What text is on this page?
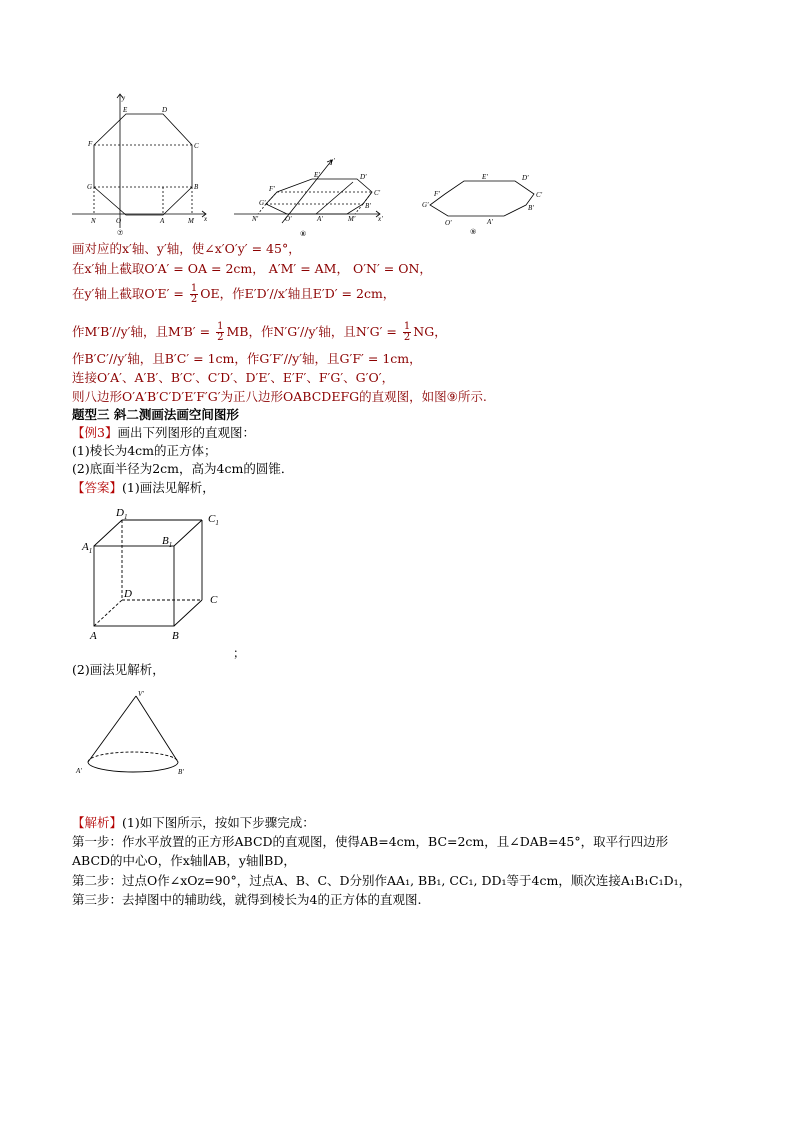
y
x
E	D
F	C
G	B
N	O	A	M
⑦
y'
x'
E'	D'
F'	C'
G'	B'
N'	O'	A'	M'
⑧
E'	D'
F'	C'
G'	B'
O'	A'
⑨
画对应的x′轴、y′轴，使∠x′O′y′ = 45°，
在x′轴上截取O′A′ = OA = 2cm， A′M′ = AM， O′N′ = ON，
在y′轴上截取$O'E' = \frac{1}{2}$ OE，作E′D′//x′轴且E′D′ = 2cm，
作M′B′//y′轴，且$M'B' = \frac{1}{2}$ MB，作N′G′//y′轴，且$N'G' = \frac{1}{2}$ NG，
作B′C′//y′轴，且B′C′ = 1cm，作G′F′//y′轴，且G′F′ = 1cm，
连接O′A′、A′B′、B′C′、C′D′、D′E′、E′F′、F′G′、G′O′，
则八边形O′A′B′C′D′E′F′G′为正八边形OABCDEFG的直观图，如图⑨所示.
题型三 斜二测画法画空间图形
【例3】画出下列图形的直观图：
(1)棱长为4cm的正方体；
(2)底面半径为2cm，高为4cm的圆锥．
【答案】(1)画法见解析，
$D_1$	$C_1$
$A_1$
$B_1$
D	C
A	B
；
(2)画法见解析，
V'
A'	B'
【解析】(1)如下图所示，按如下步骤完成：
第一步：作水平放置的正方形ABCD的直观图，使得AB=4cm，BC=2cm，且∠DAB=45°，取平行四边形
ABCD的中心O，作x轴∥AB，y轴∥BD，
第二步：过点O作∠xOz=90°，过点A、B、C、D分别作AA₁, BB₁, CC₁, DD₁等于4cm，顺次连接A₁B₁C₁D₁，
第三步：去掉图中的辅助线，就得到棱长为4的正方体的直观图.
